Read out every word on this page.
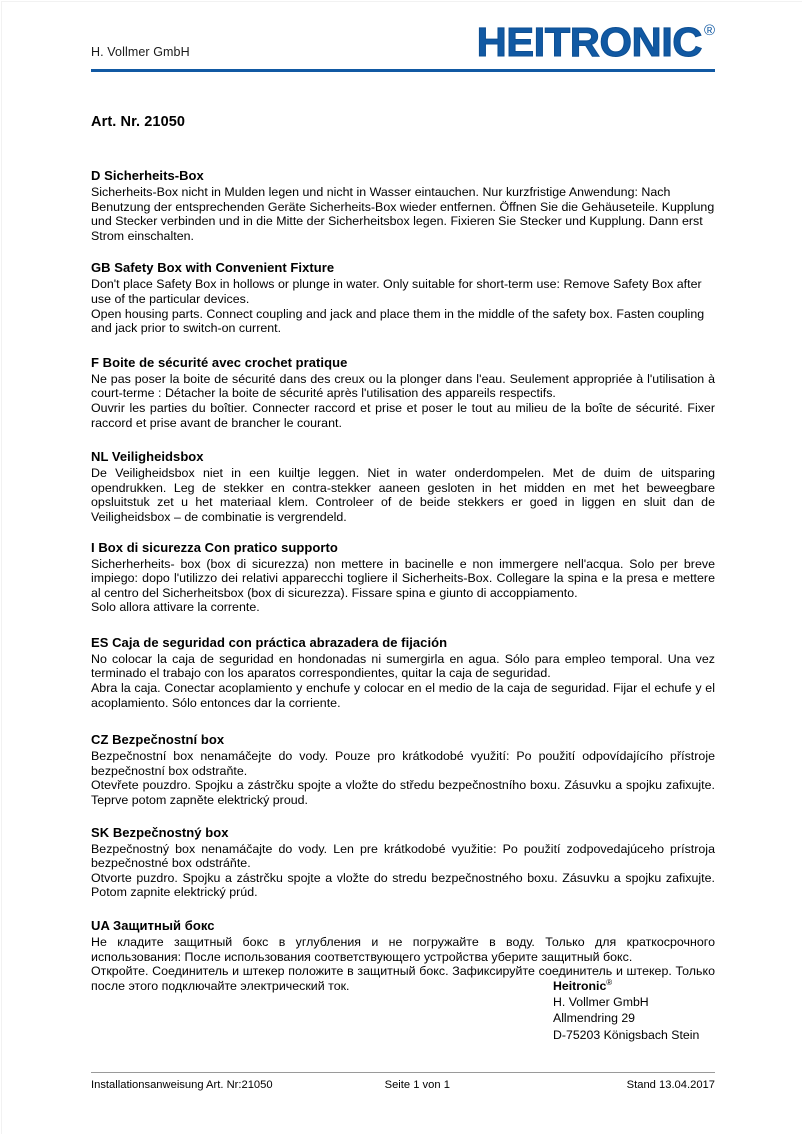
H. Vollmer GmbH	HEITRONIC ®
Art. Nr. 21050
D Sicherheits-Box

Sicherheits-Box nicht in Mulden legen und nicht in Wasser eintauchen. Nur kurzfristige Anwendung: Nach Benutzung der entsprechenden Geräte Sicherheits-Box wieder entfernen. Öffnen Sie die Gehäuseteile. Kupplung und Stecker verbinden und in die Mitte der Sicherheitsbox legen. Fixieren Sie Stecker und Kupplung. Dann erst Strom einschalten.

GB Safety Box with Convenient Fixture

Don't place Safety Box in hollows or plunge in water. Only suitable for short-term use: Remove Safety Box after use of the particular devices.

Open housing parts. Connect coupling and jack and place them in the middle of the safety box. Fasten coupling and jack prior to switch-on current.

F Boite de sécurité avec crochet pratique

Ne pas poser la boite de sécurité dans des creux ou la plonger dans l'eau. Seulement appropriée à l'utilisation à court-terme : Détacher la boite de sécurité après l'utilisation des appareils respectifs.

Ouvrir les parties du boîtier. Connecter raccord et prise et poser le tout au milieu de la boîte de sécurité. Fixer raccord et prise avant de brancher le courant.

NL Veiligheidsbox

De Veiligheidsbox niet in een kuiltje leggen. Niet in water onderdompelen. Met de duim de uitsparing opendrukken. Leg de stekker en contra-stekker aaneen gesloten in het midden en met het beweegbare opsluitstuk zet u het materiaal klem. Controleer of de beide stekkers er goed in liggen en sluit dan de Veiligheidsbox – de combinatie is vergrendeld.

I Box di sicurezza Con pratico supporto

Sicherherheits- box (box di sicurezza) non mettere in bacinelle e non immergere nell'acqua. Solo per breve impiego: dopo l'utilizzo dei relativi apparecchi togliere il Sicherheits-Box. Collegare la spina e la presa e mettere al centro del Sicherheitsbox (box di sicurezza). Fissare spina e giunto di accoppiamento.

Solo allora attivare la corrente.

ES Caja de seguridad con práctica abrazadera de fijación

No colocar la caja de seguridad en hondonadas ni sumergirla en agua. Sólo para empleo temporal. Una vez terminado el trabajo con los aparatos correspondientes, quitar la caja de seguridad.

Abra la caja. Conectar acoplamiento y enchufe y colocar en el medio de la caja de seguridad. Fijar el echufe y el acoplamiento. Sólo entonces dar la corriente.

CZ Bezpečnostní box

Bezpečnostní box nenamáčejte do vody. Pouze pro krátkodobé využití: Po použití odpovídajícího přístroje bezpečnostní box odstraňte.

Otevřete pouzdro. Spojku a zástrčku spojte a vložte do středu bezpečnostního boxu. Zásuvku a spojku zafixujte. Teprve potom zapněte elektrický proud.

SK Bezpečnostný box

Bezpečnostný box nenamáčajte do vody. Len pre krátkodobé využitie: Po použití zodpovedajúceho prístroja bezpečnostné box odstráňte.

Otvorte puzdro. Spojku a zástrčku spojte a vložte do stredu bezpečnostného boxu. Zásuvku a spojku zafixujte. Potom zapnite elektrický prúd.

UA Защитный бокс

Не кладите защитный бокс в углубления и не погружайте в воду. Только для краткосрочного использования: После использования соответствующего устройства уберите защитный бокс.

Откройте. Соединитель и штекер положите в защитный бокс. Зафиксируйте соединитель и штекер. Только после этого подключайте электрический ток.	Heitronic®
H. Vollmer GmbH
Allmendring 29
D-75203 Königsbach Stein
Installationsanweisung Art. Nr:21050	Seite 1 von 1	Stand 13.04.2017
